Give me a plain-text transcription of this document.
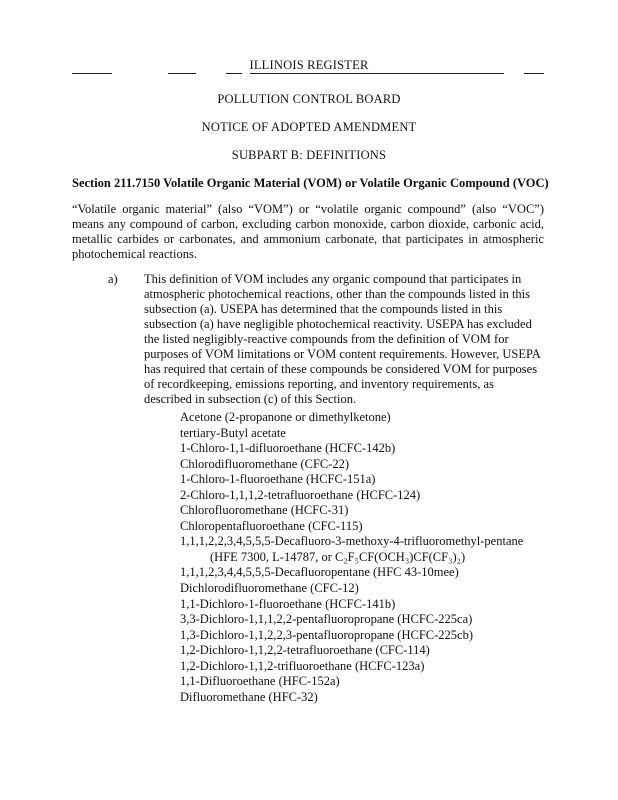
ILLINOIS REGISTER
POLLUTION CONTROL BOARD
NOTICE OF ADOPTED AMENDMENT
SUBPART B: DEFINITIONS
Section 211.7150 Volatile Organic Material (VOM) or Volatile Organic Compound (VOC)
“Volatile organic material” (also “VOM”) or “volatile organic compound” (also “VOC”) means any compound of carbon, excluding carbon monoxide, carbon dioxide, carbonic acid, metallic carbides or carbonates, and ammonium carbonate, that participates in atmospheric photochemical reactions.
a) This definition of VOM includes any organic compound that participates in atmospheric photochemical reactions, other than the compounds listed in this subsection (a). USEPA has determined that the compounds listed in this subsection (a) have negligible photochemical reactivity. USEPA has excluded the listed negligibly-reactive compounds from the definition of VOM for purposes of VOM limitations or VOM content requirements. However, USEPA has required that certain of these compounds be considered VOM for purposes of recordkeeping, emissions reporting, and inventory requirements, as described in subsection (c) of this Section.
Acetone (2-propanone or dimethylketone)
tertiary-Butyl acetate
1-Chloro-1,1-difluoroethane (HCFC-142b)
Chlorodifluoromethane (CFC-22)
1-Chloro-1-fluoroethane (HCFC-151a)
2-Chloro-1,1,1,2-tetrafluoroethane (HCFC-124)
Chlorofluoromethane (HCFC-31)
Chloropentafluoroethane (CFC-115)
1,1,1,2,2,3,4,5,5,5-Decafluoro-3-methoxy-4-trifluoromethyl-pentane
(HFE 7300, L-14787, or C₂F₅CF(OCH₃)CF(CF₃)₂)
1,1,1,2,3,4,4,5,5,5-Decafluoropentane (HFC 43-10mee)
Dichlorodifluoromethane (CFC-12)
1,1-Dichloro-1-fluoroethane (HCFC-141b)
3,3-Dichloro-1,1,1,2,2-pentafluoropropane (HCFC-225ca)
1,3-Dichloro-1,1,2,2,3-pentafluoropropane (HCFC-225cb)
1,2-Dichloro-1,1,2,2-tetrafluoroethane (CFC-114)
1,2-Dichloro-1,1,2-trifluoroethane (HCFC-123a)
1,1-Difluoroethane (HFC-152a)
Difluoromethane (HFC-32)
